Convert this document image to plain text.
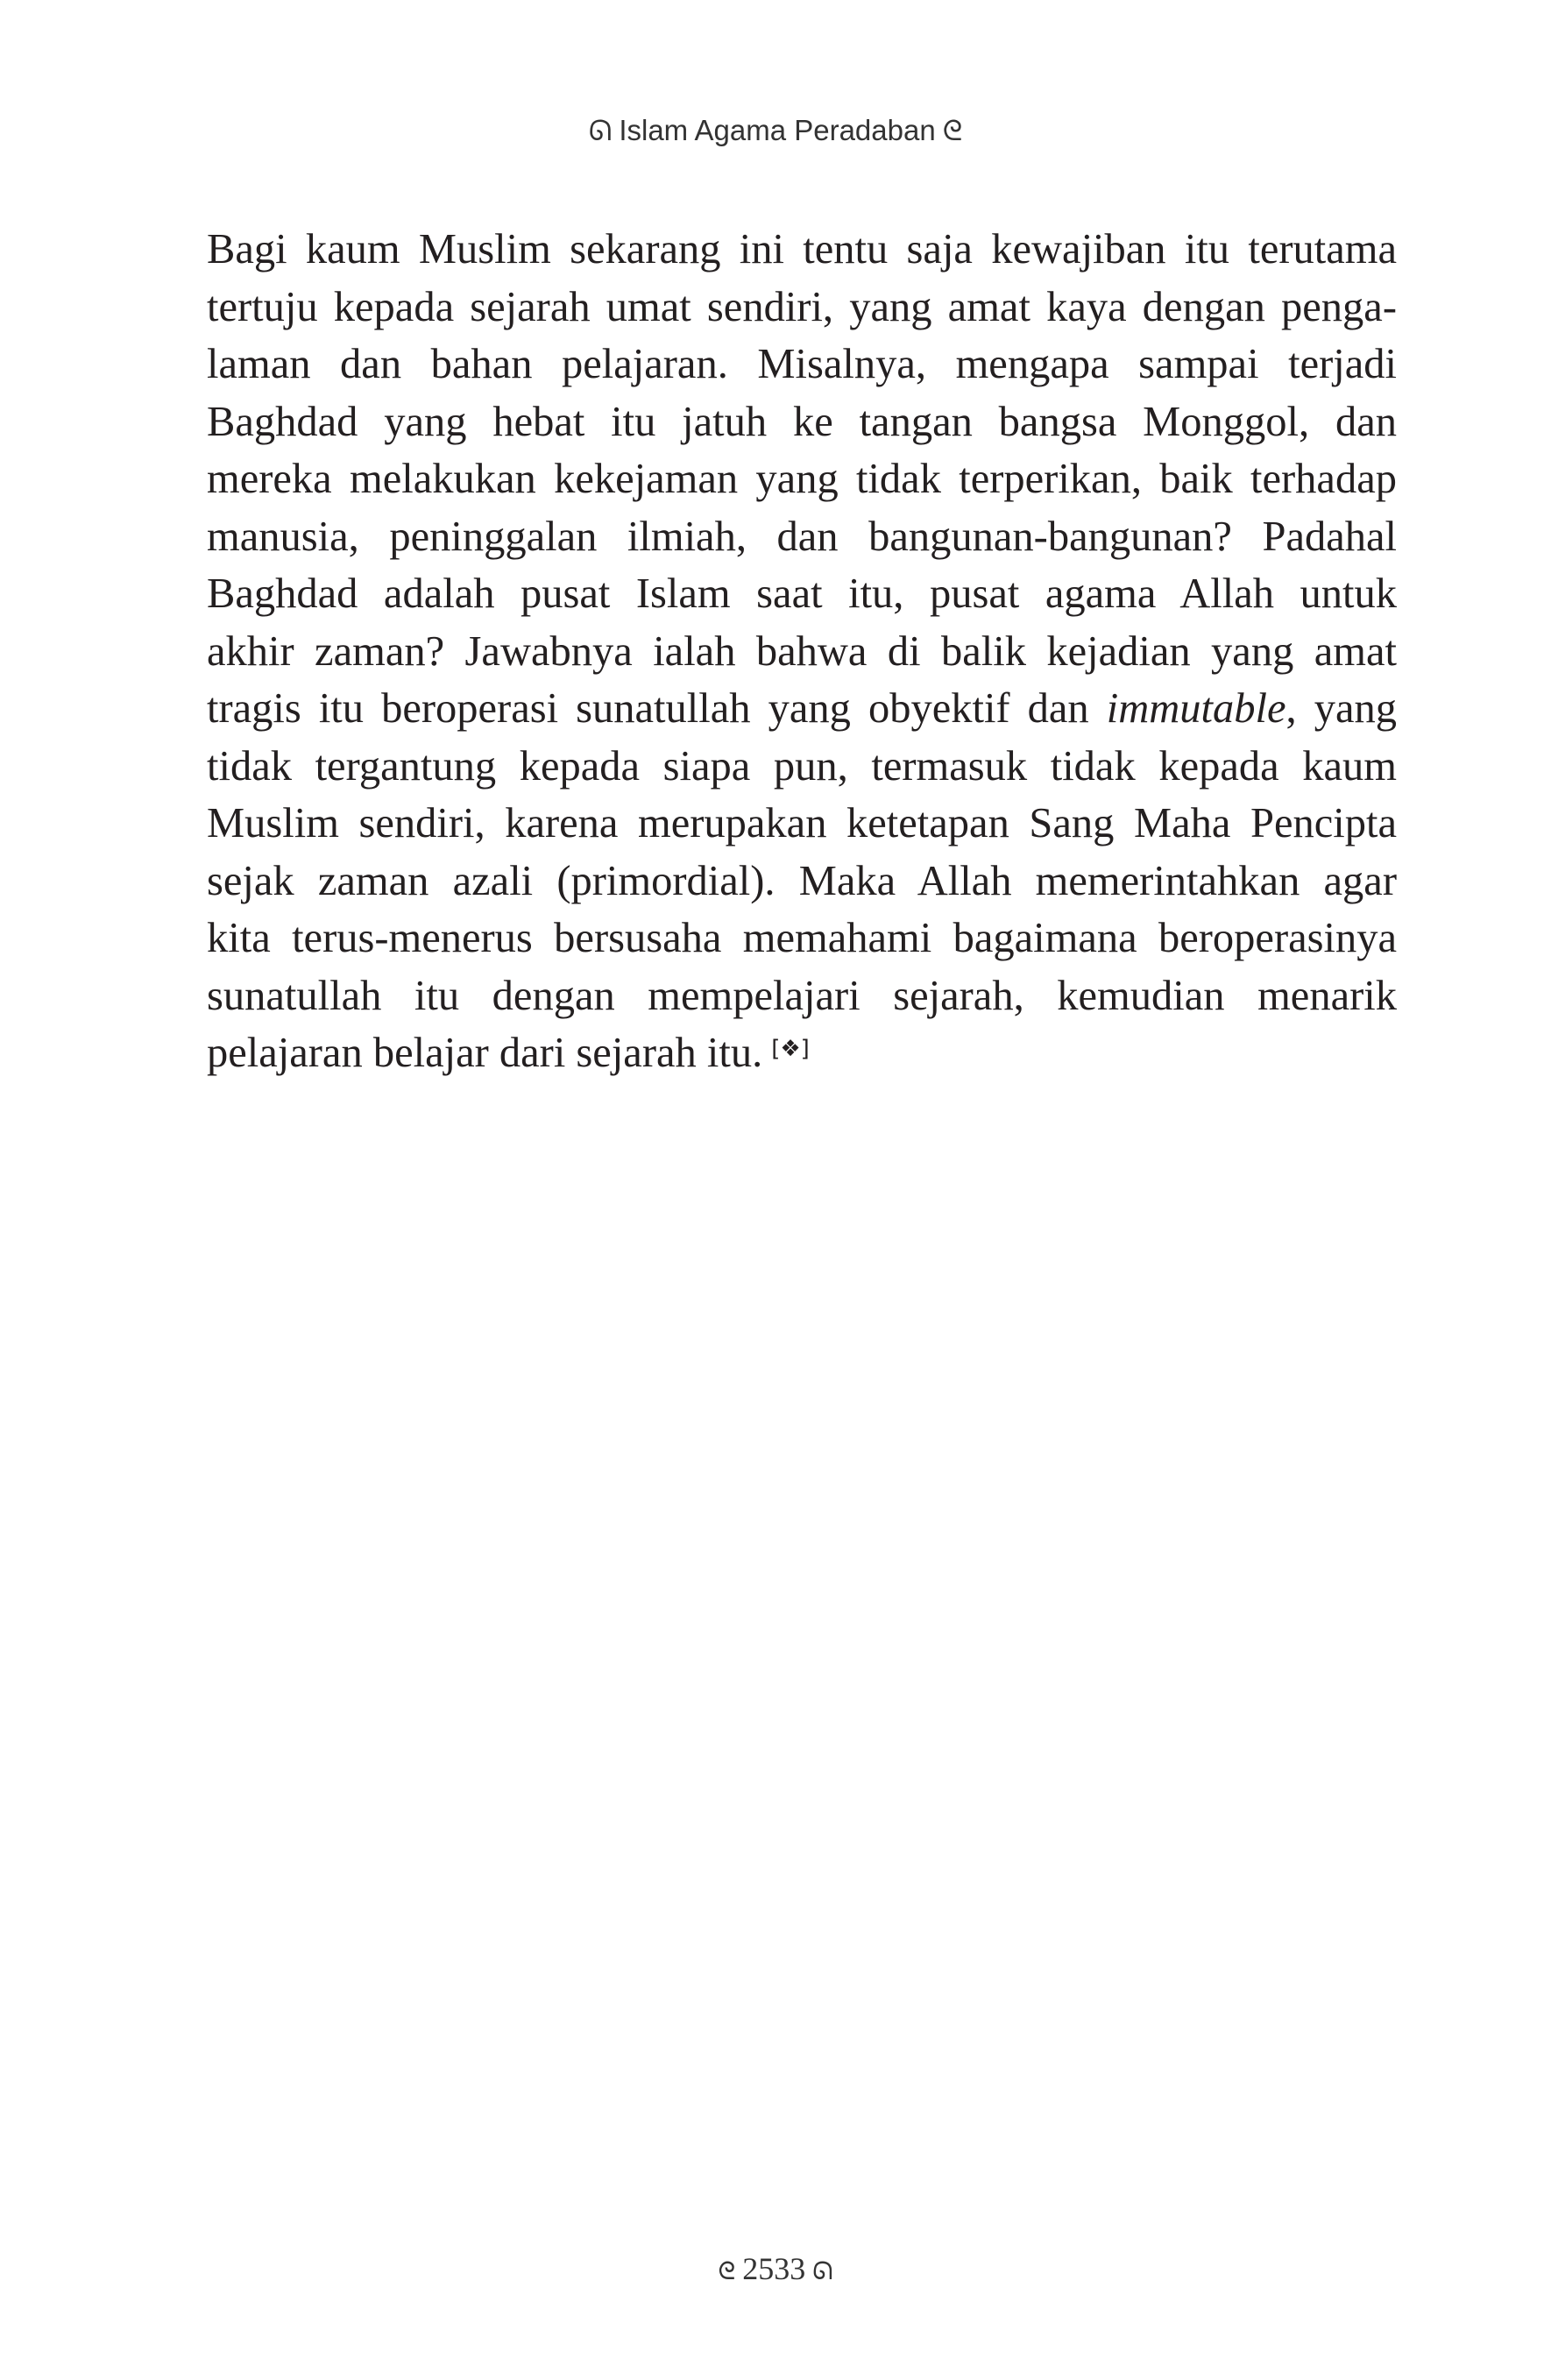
ᘏ Islam Agama Peradaban ᘓ
Bagi kaum Muslim sekarang ini tentu saja kewajiban itu terutama
tertuju kepada sejarah umat sendiri, yang amat kaya dengan penga-
laman dan bahan pelajaran. Misalnya, mengapa sampai terjadi
Baghdad yang hebat itu jatuh ke tangan bangsa Monggol, dan
mereka melakukan kekejaman yang tidak terperikan, baik terhadap
manusia, peninggalan ilmiah, dan bangunan-bangunan? Padahal
Baghdad adalah pusat Islam saat itu, pusat agama Allah untuk
akhir zaman? Jawabnya ialah bahwa di balik kejadian yang amat
tragis itu beroperasi sunatullah yang obyektif dan immutable, yang
tidak tergantung kepada siapa pun, termasuk tidak kepada kaum
Muslim sendiri, karena merupakan ketetapan Sang Maha Pencipta
sejak zaman azali (primordial). Maka Allah memerintahkan agar
kita terus-menerus bersusaha memahami bagaimana beroperasinya
sunatullah itu dengan mempelajari sejarah, kemudian menarik
pelajaran belajar dari sejarah itu. [❖]
ᘓ 2533 ᘏ
